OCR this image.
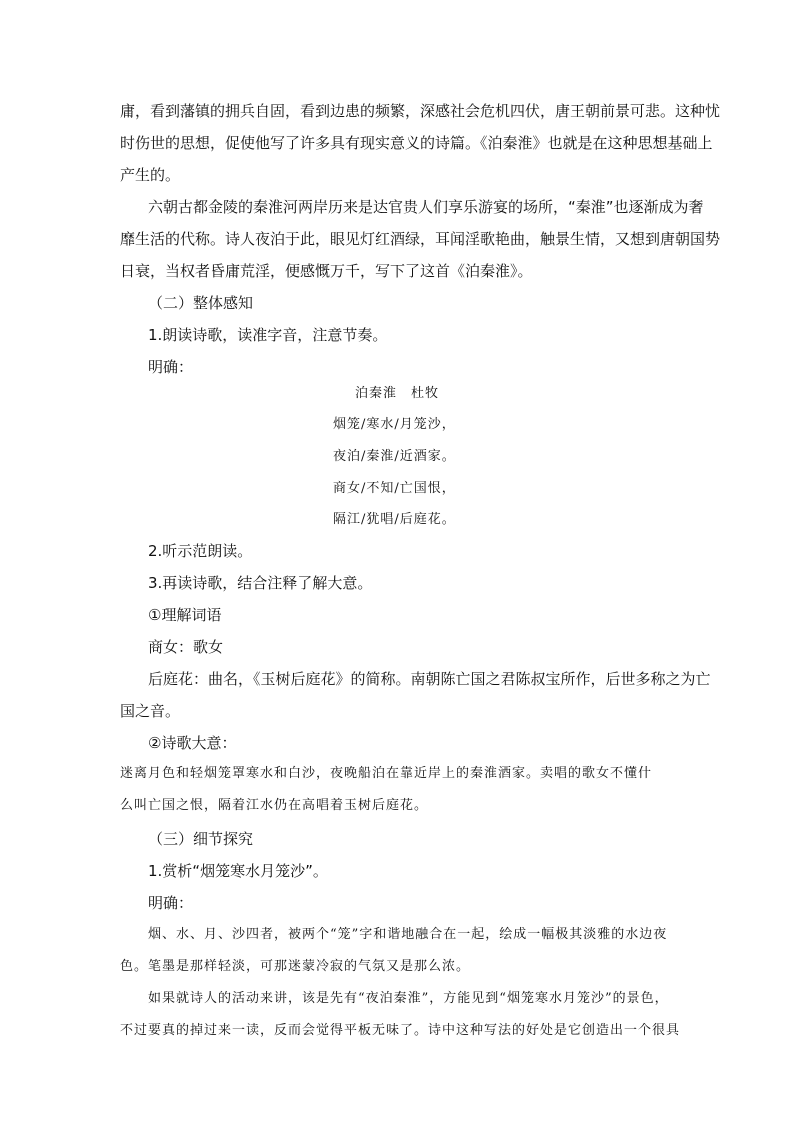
庸，看到藩镇的拥兵自固，看到边患的频繁，深感社会危机四伏，唐王朝前景可悲。这种忧
时伤世的思想，促使他写了许多具有现实意义的诗篇。《泊秦淮》也就是在这种思想基础上
产生的。
六朝古都金陵的秦淮河两岸历来是达官贵人们享乐游宴的场所，“秦淮”也逐渐成为奢
靡生活的代称。诗人夜泊于此，眼见灯红酒绿，耳闻淫歌艳曲，触景生情，又想到唐朝国势
日衰，当权者昏庸荒淫，便感慨万千，写下了这首《泊秦淮》。
（二）整体感知
1.朗读诗歌，读准字音，注意节奏。
明确：
泊秦淮　杜牧
烟笼/寒水/月笼沙，
夜泊/秦淮/近酒家。
商女/不知/亡国恨，
隔江/犹唱/后庭花。
2.听示范朗读。
3.再读诗歌，结合注释了解大意。
①理解词语
商女：歌女
后庭花：曲名，《玉树后庭花》的简称。南朝陈亡国之君陈叔宝所作，后世多称之为亡
国之音。
②诗歌大意：
迷离月色和轻烟笼罩寒水和白沙，夜晚船泊在靠近岸上的秦淮酒家。卖唱的歌女不懂什
么叫亡国之恨，隔着江水仍在高唱着玉树后庭花。
（三）细节探究
1.赏析“烟笼寒水月笼沙”。
明确：
烟、水、月、沙四者，被两个“笼”字和谐地融合在一起，绘成一幅极其淡雅的水边夜
色。笔墨是那样轻淡，可那迷蒙冷寂的气氛又是那么浓。
如果就诗人的活动来讲，该是先有“夜泊秦淮”，方能见到“烟笼寒水月笼沙”的景色，
不过要真的掉过来一读，反而会觉得平板无味了。诗中这种写法的好处是它创造出一个很具
